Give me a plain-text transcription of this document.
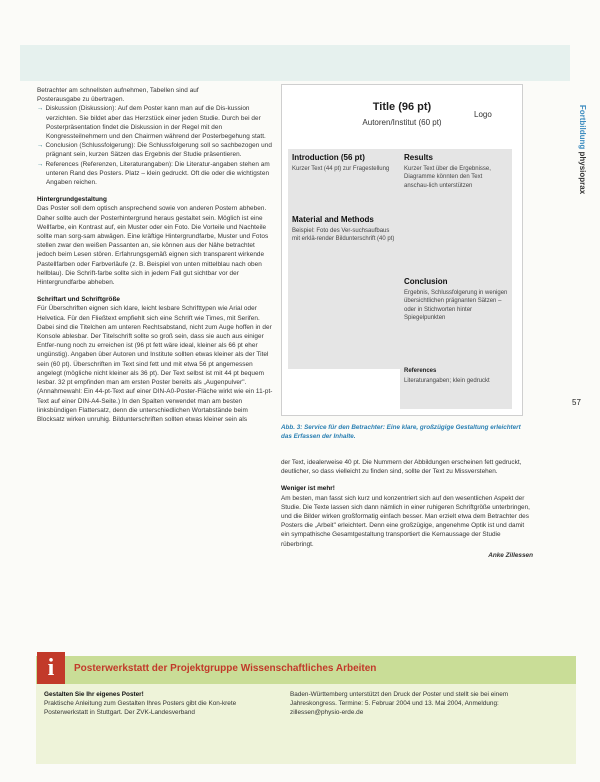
Betrachter am schnellsten aufnehmen, Tabellen sind auf

Posterausgabe zu übertragen.

→ Diskussion (Diskussion): Auf dem Poster kann man auf die Dis-kussion verzichten. Sie bildet aber das Herzstück einer jeden Studie. Durch bei der Posterpräsentation findet die Diskussion in der Regel mit den Kongressteilnehmern und den Chairmen während der Posterbegehung statt.

→ Conclusion (Schlussfolgerung): Die Schlussfolgerung soll so sachbezogen und prägnant sein, kurzen Sätzen das Ergebnis der Studie präsentieren.

→ References (Referenzen, Literaturangaben): Die Literatur-angaben stehen am unteren Rand des Posters. Platz – klein gedruckt. Oft die oder die wichtigsten Angaben reichen.

Hintergrundgestaltung

Das Poster soll dem optisch ansprechend sowie von anderen Postern abheben. Daher sollte auch der Posterhintergrund heraus gestaltet sein. Möglich ist eine Wellfarbe, ein Kontrast auf, ein Muster oder ein Foto. Die Vorteile und Nachteile sollte man sorg-sam abwägen. Eine kräftige Hintergrundfarbe, Muster und Fotos stellen zwar den weißen Passanten an, sie können aus der Nähe betrachtet jedoch beim Lesen stören. Erfahrungsgemäß eignen sich transparent wirkende Pastellfarben oder Farbverläufe (z. B. Beispiel von unten mittelblau nach oben hellblau). Die Schrift-farbe sollte sich in jedem Fall gut sichtbar vor der Hintergrundfarbe abheben.

Schriftart und Schriftgröße

Für Überschriften eignen sich klare, leicht lesbare Schrifttypen wie Arial oder Helvetica. Für den Fließtext empfiehlt sich eine Schrift wie Times, mit Serifen. Dabei sind die Titelchen am unteren Rechtsabstand, nicht zum Auge hoffen in der Konsole ablesbar. Der Titelschrift sollte so groß sein, dass sie auch aus einiger Entfer-nung noch zu erreichen ist (96 pt fett wäre ideal, kleiner als 66 pt eher ungünstig). Angaben über Autoren und Institute sollten etwas kleiner als der Titel sein (60 pt). Überschriften im Text sind fett und mit etwa 56 pt angemessen angelegt (mögliche nicht kleiner als 36 pt). Der Text selbst ist mit 44 pt bequem lesbar. 32 pt empfinden man am ersten Poster bereits als „Augenpulver". (Annahmewahl: Ein 44-pt-Text auf einer DIN-A0-Poster-Fläche wirkt wie ein 11-pt-Text auf einer DIN-A4-Seite.) In den Spalten verwendet man am besten linksbündigen Flattersatz, denn die unterschiedlichen Wortabstände beim Blocksatz wirken unruhig. Bildunterschriften sollten etwas kleiner sein als

Fortbildung physioprax
57
Title (96 pt)
Autoren/Institut (60 pt)
Logo
Introduction (56 pt)
Kurzer Text (44 pt) zur Fragestellung
Material and Methods
Beispiel: Foto des Ver-suchsaufbaus mit erklä-render Bildunterschrift (40 pt)
Results
Kurzer Text über die Ergebnisse, Diagramme könnten den Text anschau-lich unterstützen
Conclusion
Ergebnis, Schlussfolgerung in wenigen übersichtlichen prägnanten Sätzen – oder in Stichworten hinter Spiegelpunkten
References
Literaturangaben; klein gedruckt
Abb. 3: Service für den Betrachter: Eine klare, großzügige Gestaltung erleichtert das Erfassen der Inhalte.

der Text, idealerweise 40 pt. Die Nummern der Abbildungen erscheinen fett gedruckt, deutlicher, so dass vielleicht zu finden sind, sollte der Text zu Missverstehen.

Weniger ist mehr!

Am besten, man fasst sich kurz und konzentriert sich auf den wesentlichen Aspekt der Studie. Die Texte lassen sich dann nämlich in einer ruhigeren Schriftgröße unterbringen, und die Bilder wirken großformatig einfach besser. Man erzielt etwa dem Betrachter des Posters die „Arbeit" erleichtert. Denn eine großzügige, angenehme Optik ist und damit ein sympathische Gesamtgestaltung transportiert die Kernaussage der Studie rüberbringt.

Anke Zillessen

i	Posterwerkstatt der Projektgruppe Wissenschaftliches Arbeiten

Gestalten Sie Ihr eigenes Poster!

Praktische Anleitung zum Gestalten Ihres Posters gibt die Kon-krete Posterwerkstatt in Stuttgart. Der ZVK-Landesverband

Baden-Württemberg unterstützt den Druck der Poster und stellt sie bei einem Jahreskongress. Termine: 5. Februar 2004 und 13. Mai 2004, Anmeldung: zillessen@physio-erde.de
